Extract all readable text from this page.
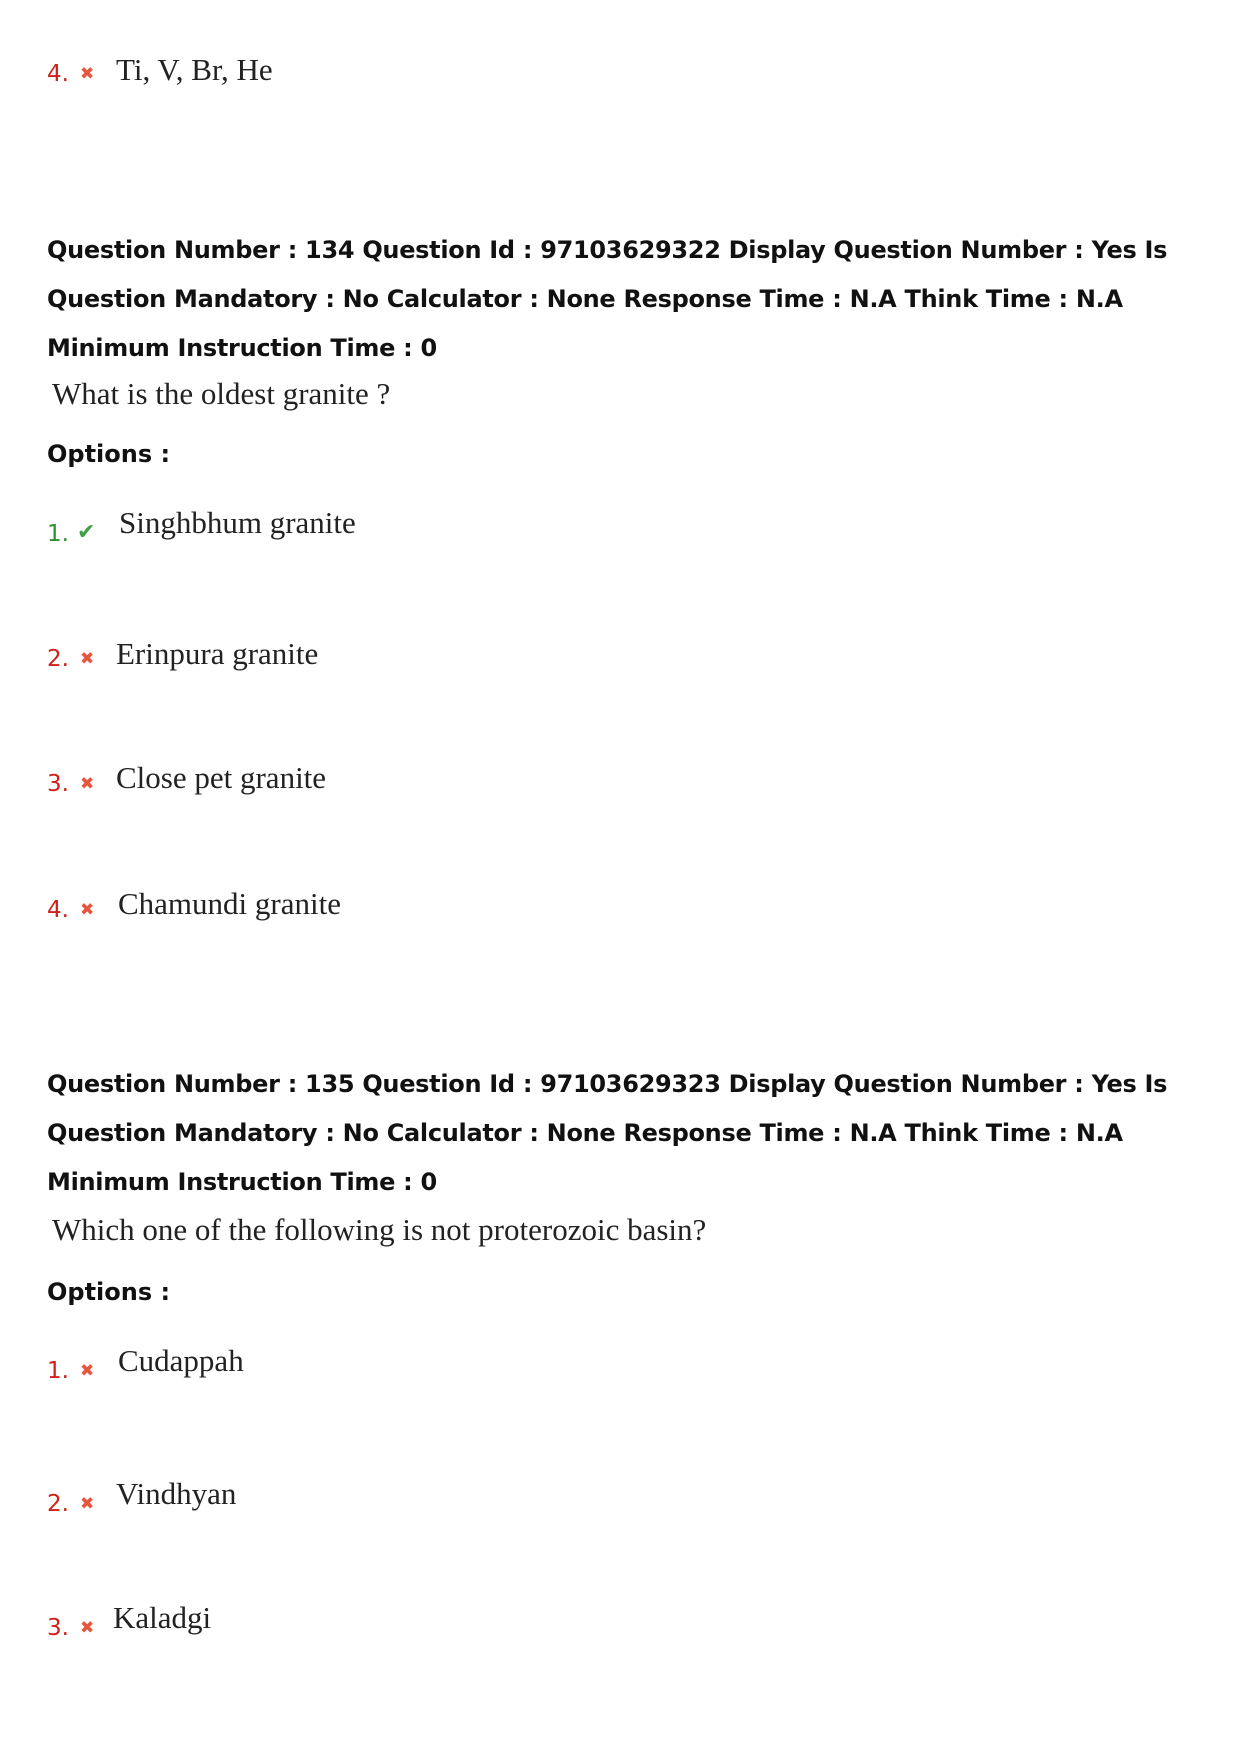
4. ✖ Ti, V, Br, He

Question Number : 134 Question Id : 97103629322 Display Question Number : Yes Is Question Mandatory : No Calculator : None Response Time : N.A Think Time : N.A Minimum Instruction Time : 0

What is the oldest granite ?
Options :
1. ✔ Singhbhum granite
2. ✖ Erinpura granite
3. ✖ Close pet granite
4. ✖ Chamundi granite

Question Number : 135 Question Id : 97103629323 Display Question Number : Yes Is Question Mandatory : No Calculator : None Response Time : N.A Think Time : N.A Minimum Instruction Time : 0

Which one of the following is not proterozoic basin?
Options :
1. ✖ Cudappah
2. ✖ Vindhyan
3. ✖ Kaladgi
